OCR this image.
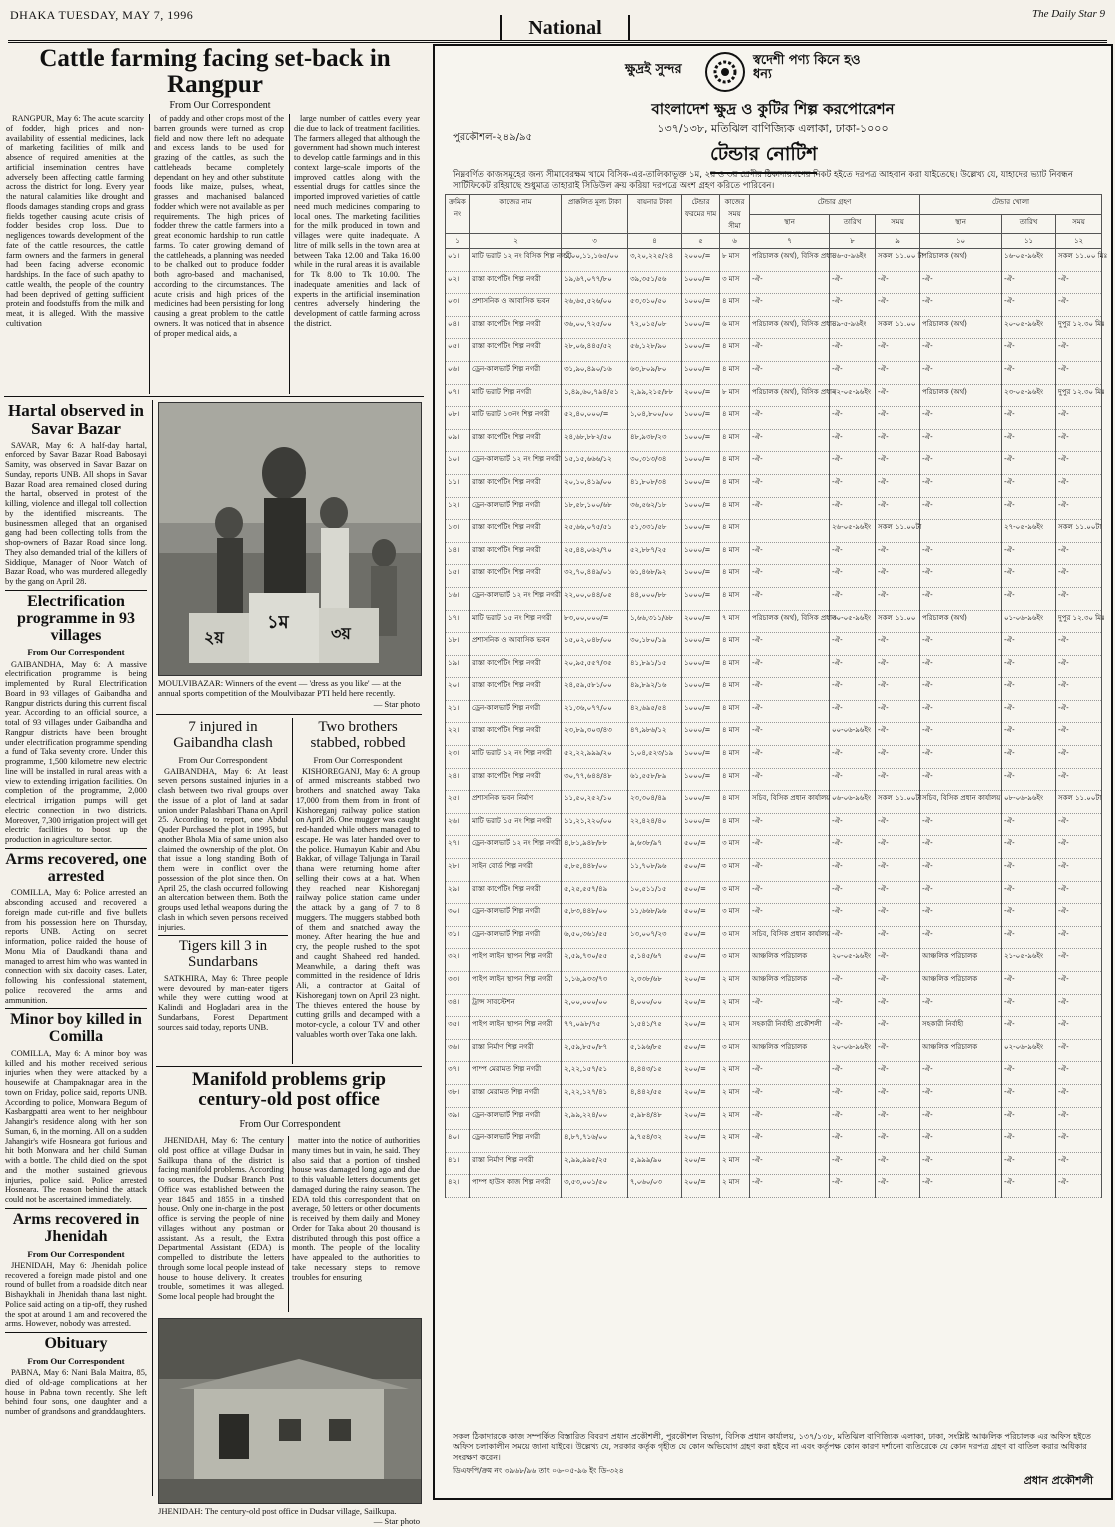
DHAKA TUESDAY, MAY 7, 1996
National
The Daily Star 9
Cattle farming facing set-back in Rangpur
From Our Correspondent

RANGPUR, May 6: The acute scarcity of fodder, high prices and non-availability of essential medicines, lack of marketing facilities of milk and absence of required amenities at the artificial insemination centres have adversely been affecting cattle farming across the district for long. Every year the natural calamities like drought and floods damages standing crops and grass fields together causing acute crisis of fodder besides crop loss. Due to negligences towards development of the fate of the cattle resources, the cattle farm owners and the farmers in general had been facing adverse economic hardships. In the face of such apathy to cattle wealth, the people of the country had been deprived of getting sufficient protein and foodstuffs from the milk and meat, it is alleged. With the massive cultivation

of paddy and other crops most of the barren grounds were turned as crop field and now there left no adequate and excess lands to be used for grazing of the cattles, as such the cattleheads became completely dependant on hey and other substitute foods like maize, pulses, wheat, grasses and machanised balanced fodder which were not available as per requirements. The high prices of fodder threw the cattle farmers into a great economic hardship to run cattle farms. To cater growing demand of the cattleheads, a planning was needed to be chalked out to produce fodder both agro-based and machanised, according to the circumstances. The acute crisis and high prices of the medicines had been persisting for long causing a great problem to the cattle owners. It was noticed that in absence of proper medical aids, a

large number of cattles every year die due to lack of treatment facilities. The farmers alleged that although the government had shown much interest to develop cattle farmings and in this context large-scale imports of the improved cattles along with the essential drugs for cattles since the imported improved varieties of cattle need much medicines comparing to local ones. The marketing facilities for the milk produced in town and villages were quite inadequate. A litre of milk sells in the town area at between Taka 12.00 and Taka 16.00 while in the rural areas it is available for Tk 8.00 to Tk 10.00. The inadequate amenities and lack of experts in the artificial insemination centres adversely hindering the development of cattle farming across the district.

Hartal observed in Savar Bazar

SAVAR, May 6: A half-day hartal, enforced by Savar Bazar Road Babosayi Samity, was observed in Savar Bazar on Sunday, reports UNB. All shops in Savar Bazar Road area remained closed during the hartal, observed in protest of the killing, violence and illegal toll collection by the identified miscreants. The businessmen alleged that an organised gang had been collecting tolls from the shop-owners of Bazar Road since long. They also demanded trial of the killers of Siddique, Manager of Noor Watch of Bazar Road, who was murdered allegedly by the gang on April 28.

Electrification programme in 93 villages
From Our Correspondent

GAIBANDHA, May 6: A massive electrification programme is being implemented by Rural Electrification Board in 93 villages of Gaibandha and Rangpur districts during this current fiscal year. According to an official source, a total of 93 villages under Gaibandha and Rangpur districts have been brought under electrification programme spending a fund of Taka seventy crore. Under this programme, 1,500 kilometre new electric line will be installed in rural areas with a view to extending irrigation facilities. On completion of the programme, 2,000 electrical irrigation pumps will get electric connection in two districts. Moreover, 7,300 irrigation project will get electric facilities to boost up the production in agriculture sector.

Arms recovered, one arrested

COMILLA, May 6: Police arrested an absconding accused and recovered a foreign made cut-rifle and five bullets from his possession here on Thursday, reports UNB. Acting on secret information, police raided the house of Monu Mia of Daudkandi thana and managed to arrest him who was wanted in connection with six dacoity cases. Later, following his confessional statement, police recovered the arms and ammunition.

Minor boy killed in Comilla

COMILLA, May 6: A minor boy was killed and his mother received serious injuries when they were attacked by a housewife at Champaknagar area in the town on Friday, police said, reports UNB. According to police, Monwara Begum of Kasbargpatti area went to her neighbour Jahangir's residence along with her son Suman, 6, in the morning. All on a sudden Jahangir's wife Hosneara got furious and hit both Monwara and her child Suman with a bottle. The child died on the spot and the mother sustained grievous injuries, police said. Police arrested Hosneara. The reason behind the attack could not be ascertained immediately.

Arms recovered in Jhenidah
From Our Correspondent

JHENIDAH, May 6: Jhenidah police recovered a foreign made pistol and one round of bullet from a roadside ditch near Bishaykhali in Jhenidah thana last night. Police said acting on a tip-off, they rushed the spot at around 1 am and recovered the arms. However, nobody was arrested.

Obituary
From Our Correspondent

PABNA, May 6: Nani Bala Maitra, 85, died of old-age complications at her house in Pabna town recently. She left behind four sons, one daughter and a number of grandsons and granddaughters.

২য়
১ম
৩য়
MOULVIBAZAR: Winners of the event — 'dress as you like' — at the annual sports competition of the Moulvibazar PTI held here recently.
— Star photo
7 injured in Gaibandha clash
From Our Correspondent

GAIBANDHA, May 6: At least seven persons sustained injuries in a clash between two rival groups over the issue of a plot of land at sadar union under Palashbari Thana on April 25. According to report, one Abdul Quder Purchased the plot in 1995, but another Bhola Mia of same union also claimed the ownership of the plot. On that issue a long standing Both of them were in conflict over the possession of the plot since then. On April 25, the clash occurred following an altercation between them. Both the groups used lethal weapons during the clash in which seven persons received injuries.

Tigers kill 3 in Sundarbans

SATKHIRA, May 6: Three people were devoured by man-eater tigers while they were cutting wood at Kalindi and Hogladari area in the Sundarbans, Forest Department sources said today, reports UNB.

Two brothers stabbed, robbed
From Our Correspondent

KISHOREGANJ, May 6: A group of armed miscreants stabbed two brothers and snatched away Taka 17,000 from them from in front of Kishoreganj railway police station on April 26. One mugger was caught red-handed while others managed to escape. He was later handed over to the police. Humayun Kabir and Abu Bakkar, of village Taljunga in Tarail thana were returning home after selling their cows at a hat. When they reached near Kishoreganj railway police station came under the attack by a gang of 7 to 8 muggers. The muggers stabbed both of them and snatched away the money. After hearing the hue and cry, the people rushed to the spot and caught Shaheed red handed. Meanwhile, a daring theft was committed in the residence of Idris Ali, a contractor at Gaital of Kishoreganj town on April 23 night. The thieves entered the house by cutting grills and decamped with a motor-cycle, a colour TV and other valuables worth over Taka one lakh.

Manifold problems grip century-old post office
From Our Correspondent

JHENIDAH, May 6: The century old post office at village Dudsar in Sailkupa thana of the district is facing manifold problems. According to sources, the Dudsar Branch Post Office was established between the year 1845 and 1855 in a tinshed house. Only one in-charge in the post office is serving the people of nine villages without any postman or assistant. As a result, the Extra Departmental Assistant (EDA) is compelled to distribute the letters through some local people instead of house to house delivery. It creates trouble, sometimes it was alleged. Some local people had brought the

matter into the notice of authorities many times but in vain, he said. They also said that a portion of tinshed house was damaged long ago and due to this valuable letters documents get damaged during the rainy season. The EDA told this correspondent that on average, 50 letters or other documents is received by them daily and Money Order for Taka about 20 thousand is distributed through this post office a month. The people of the locality have appealed to the authorities to take necessary steps to remove troubles for ensuring

JHENIDAH: The century-old post office in Dudsar village, Sailkupa.
— Star photo
ক্ষুদ্রই সুন্দর
স্বদেশী পণ্য কিনে হও ধন্য
বাংলাদেশ ক্ষুদ্র ও কুটির শিল্প করপোরেশন
১৩৭/১৩৮, মতিঝিল বাণিজ্যিক এলাকা, ঢাকা-১০০০
পুরকৌশল-২৪৯/৯৫
টেন্ডার নোটিশ
নিম্নবর্ণিত কাজসমূহের জন্য সীমাবেরক্ষম খামে বিসিক-এর-তালিকাভূক্ত ১ম, ২য় ও ৩য় শ্রেণীর ঠিকাদারগণের নিকট হইতে দরপত্র আহবান করা যাইতেছে। উল্লেখ্য যে, যাহাদের ভ্যাট নিবন্ধন সার্টিফিকেট রহিয়াছে শুধুমাত্র তাহারাই সিডিউল ক্রয় করিয়া দরপত্রে অংশ গ্রহণ করিতে পারিবেন।
ক্রমিক নং	কাজের নাম	প্রাক্কলিত মূল্য টাকা	বায়নার টাকা	টেন্ডার ফরমের দাম	কাজের সময় সীমা	টেন্ডার গ্রহণ			টেন্ডার খোলা		
						স্থান	তারিখ	সময়	স্থান	তারিখ	সময়
১	২	৩	৪	৫	৬	৭	৮	৯	১০	১১	১২
০১।	মাটি ভরাট ১২ নং বিসিক শিল্প নগরী	১,০০,১১,১৬৫/০০	৩,২০,২২৫/২৪	২০০০/=	৮ মাস	পরিচালক (অর্থ), বিসিক প্রধান	১৬-৫-৯৬ইং	সকল ১১.০০ টা	পরিচালক (অর্থ)	১৬-০৫-৯৬ইং	সকল ১১.০০ মিঃ
০২।	রাস্তা কার্পেটিং শিল্প নগরী	১৯,৬৭,০৭৭/৮০	৩৯,৩৫১/৫৬	১০০০/=	৩ মাস	-ঐ-	-ঐ-	-ঐ-	-ঐ-	-ঐ-	-ঐ-
০৩।	প্রশাসনিক ও আবাসিক ভবন	২৬,৬৫,৫২৬/০০	৫৩,৩১০/৫০	১০০০/=	৪ মাস	-ঐ-	-ঐ-	-ঐ-	-ঐ-	-ঐ-	-ঐ-
০৪।	রাস্তা কার্পেটিং শিল্প নগরী	৩৬,০০,৭২৫/০০	৭২,০১৫/০৮	১০০০/=	৬ মাস	পরিচালক (অর্থ), বিসিক প্রধান	১৯-৫-৯৬ইং	সকল ১১.০০	পরিচালক (অর্থ)	২০-০৫-৯৬ইং	দুপুর ১২.৩০ মিঃ
০৫।	রাস্তা কার্পেটিং শিল্প নগরী	২৮,০৬,৪৪৫/৫২	৫৬,১২৮/৯০	১০০০/=	৪ মাস	-ঐ-	-ঐ-	-ঐ-	-ঐ-	-ঐ-	-ঐ-
০৬।	ড্রেন-কালভার্ট শিল্প নগরী	৩১,৯০,৪৯০/১৬	৬৩,৮০৯/৮০	১০০০/=	৪ মাস	-ঐ-	-ঐ-	-ঐ-	-ঐ-	-ঐ-	-ঐ-
০৭।	মাটি ভরাট শিল্প নগরী	১,৪৯,৬০,৭৯৪/৫১	২,৯৯,২১৫/৮৮	২০০০/=	৮ মাস	পরিচালক (অর্থ), বিসিক প্রধান	২২-০৫-৯৬ইং	-ঐ-	পরিচালক (অর্থ)	২৩-০৫-৯৬ইং	দুপুর ১২.৩০ মিঃ
০৮।	মাটি ভরাট ১৩নং শিল্প নগরী	৫২,৪০,০০০/=	১,০৪,৮০০/০০	১০০০/=	৪ মাস	-ঐ-	-ঐ-	-ঐ-	-ঐ-	-ঐ-	-ঐ-
০৯।	রাস্তা কার্পেটিং শিল্প নগরী	২৪,৬৮,৮৮২/৫০	৪৮,৯৩৮/২৩	১০০০/=	৪ মাস	-ঐ-	-ঐ-	-ঐ-	-ঐ-	-ঐ-	-ঐ-
১০।	ড্রেন-কালভার্ট ১২ নং শিল্প নগরী	১৫,১৫,৬৬৬/১২	৩০,৩১৩/৩৪	১০০০/=	৪ মাস	-ঐ-	-ঐ-	-ঐ-	-ঐ-	-ঐ-	-ঐ-
১১।	রাস্তা কার্পেটিং শিল্প নগরী	২০,১০,৪১৯/০০	৪১,৮০৮/৩৪	১০০০/=	৪ মাস	-ঐ-	-ঐ-	-ঐ-	-ঐ-	-ঐ-	-ঐ-
১২।	ড্রেন-কালভার্ট শিল্প নগরী	১৮,৫৮,১০০/৬৮	৩৬,৫৬২/১৮	১০০০/=	৪ মাস	-ঐ-	-ঐ-	-ঐ-	-ঐ-	-ঐ-	-ঐ-
১৩।	রাস্তা কার্পেটিং শিল্প নগরী	২৫,৬৬,০৭৫/৫১	৫১,৩৩১/৫৮	১০০০/=	৪ মাস		২৬-০৫-৯৬ইং	সকল ১১.০০টা		২৭-০৫-৯৬ইং	সকল ১১.০০টা
১৪।	রাস্তা কার্পেটিং শিল্প নগরী	২৫,৪৪,০৬২/৭০	৫২,৮৮৭/২৫	১০০০/=	৪ মাস	-ঐ-	-ঐ-	-ঐ-	-ঐ-	-ঐ-	-ঐ-
১৫।	রাস্তা কার্পেটিং শিল্প নগরী	৩২,৭০,৪৪৯/০১	৬১,৪৬৮/৯২	১০০০/=	৪ মাস	-ঐ-	-ঐ-	-ঐ-	-ঐ-	-ঐ-	-ঐ-
১৬।	ড্রেন-কালভার্ট ১২ নং শিল্প নগরী	২২,০০,০৪৪/০৫	৪৪,০০০/৮৮	১০০০/=	৪ মাস	-ঐ-	-ঐ-	-ঐ-	-ঐ-	-ঐ-	-ঐ-
১৭।	মাটি ভরাট ১৫ নং শিল্প নগরী	৮৩,০০,০০০/=	১,৬৬,৩১১/৬৮	২০০০/=	৭ মাস	পরিচালক (অর্থ), বিসিক প্রধান	৩০-০৫-৯৬ইং	সকল ১১.০০	পরিচালক (অর্থ)	০১-০৬-৯৬ইং	দুপুর ১২.৩০ মিঃ
১৮।	প্রশাসনিক ও আবাসিক ভবন	১৫,০২,০৪৮/০০	৩০,১৮০/১৯	১০০০/=	৪ মাস	-ঐ-	-ঐ-	-ঐ-	-ঐ-	-ঐ-	-ঐ-
১৯।	রাস্তা কার্পেটিং শিল্প নগরী	২০,৯৫,৫৫৭/৩৫	৪১,৮৯১/১৫	১০০০/=	৪ মাস	-ঐ-	-ঐ-	-ঐ-	-ঐ-	-ঐ-	-ঐ-
২০।	রাস্তা কার্পেটিং শিল্প নগরী	২৪,৫৯,৫৮১/০০	৪৯,৮৯২/১৬	১০০০/=	৪ মাস	-ঐ-	-ঐ-	-ঐ-	-ঐ-	-ঐ-	-ঐ-
২১।	ড্রেন-কালভার্ট শিল্প নগরী	২১,৩৬,০৭৭/০০	৪২,৬৯৫/৫৪	১০০০/=	৪ মাস	-ঐ-	-ঐ-	-ঐ-	-ঐ-	-ঐ-	-ঐ-
২২।	রাস্তা কার্পেটিং শিল্প নগরী	২৩,৮৯,৩০৩/৪৩	৪৭,৯৮৬/১২	১০০০/=	৪ মাস	-ঐ-	০০-০৬-৯৬ইং	-ঐ-	-ঐ-	-ঐ-	-ঐ-
২৩।	মাটি ভরাট ১২ নং শিল্প নগরী	৫২,২২,৯৯৯/২০	১,০৪,৫২৩/১৯	১০০০/=	৪ মাস	-ঐ-	-ঐ-	-ঐ-	-ঐ-	-ঐ-	-ঐ-
২৪।	রাস্তা কার্পেটিং শিল্প নগরী	৩০,৭৭,৬৪৪/৪৮	৬১,৫৫৮/৮৯	১০০০/=	৪ মাস	-ঐ-	-ঐ-	-ঐ-	-ঐ-	-ঐ-	-ঐ-
২৫।	প্রশাসনিক ভবন নির্মাণ	১১,৫০,২৫২/১০	২৩,৩০৪/৪৯	১০০০/=	৪ মাস	সচিব, বিসিক প্রধান কার্যালয়	০৬-০৬-৯৬ইং	সকল ১১.০০টা	সচিব, বিসিক প্রধান কার্যালয়	০৮-০৬-৯৬ইং	সকল ১১.০০টা
২৬।	মাটি ভরাট ১৫ নং শিল্প নগরী	১১,২১,২২০/০০	২২,৪২৪/৪০	১০০০/=	৪ মাস	-ঐ-	-ঐ-	-ঐ-	-ঐ-	-ঐ-	-ঐ-
২৭।	ড্রেন-কালভার্ট ১২ নং শিল্প নগরী	৪,৮১,৯৪৮/৮৮	৯,৬৩৮/৯৭	৫০০/=	৩ মাস	-ঐ-	-ঐ-	-ঐ-	-ঐ-	-ঐ-	-ঐ-
২৮।	সাইন বোর্ড শিল্প নগরী	৫,৮৫,৪৪৮/০০	১১,৭০৮/৯৬	৫০০/=	৩ মাস	-ঐ-	-ঐ-	-ঐ-	-ঐ-	-ঐ-	-ঐ-
২৯।	রাস্তা কার্পেটিং শিল্প নগরী	৫,২৫,৫৫৭/৪৯	১০,৫১১/১৫	৫০০/=	৩ মাস	-ঐ-	-ঐ-	-ঐ-	-ঐ-	-ঐ-	-ঐ-
৩০।	ড্রেন-কালভার্ট শিল্প নগরী	৫,৮৩,৪৪৮/০০	১১,৬৬৮/৯৬	৫০০/=	৩ মাস	-ঐ-	-ঐ-	-ঐ-	-ঐ-	-ঐ-	-ঐ-
৩১।	ড্রেন-কালভার্ট শিল্প নগরী	৬,৫০,৩৬১/৫৫	১৩,০০৭/২৩	৫০০/=	৩ মাস	সচিব, বিসিক প্রধান কার্যালয়	-ঐ-	-ঐ-	-ঐ-	-ঐ-	-ঐ-
৩২।	পাইপ লাইন স্থাপন শিল্প নগরী	২,৫৯,৭৩০/৫৫	৫,১৪৫/৬৭	৫০০/=	৩ মাস	আঞ্চলিক পরিচালক	২০-০৫-৯৬ইং	-ঐ-	আঞ্চলিক পরিচালক	২১-০৫-৯৬ইং	-ঐ-
৩৩।	পাইপ লাইন স্থাপন শিল্প নগরী	১,১৬,৯৩৩/৭৩	২,৩৩৮/৬৮	২০০/=	২ মাস	আঞ্চলিক পরিচালক	-ঐ-	-ঐ-	আঞ্চলিক পরিচালক	-ঐ-	-ঐ-
৩৪।	ট্রান্স সাবস্টেশন	২,০০,০০০/০০	৪,০০০/০০	২০০/=	২ মাস	-ঐ-	-ঐ-	-ঐ-	-ঐ-	-ঐ-	-ঐ-
৩৫।	পাইপ লাইন স্থাপন শিল্প নগরী	৭৭,০৯৮/৭৫	১,৫৪১/৭৫	২০০/=	২ মাস	সহকারী নির্বাহী প্রকৌশলী	-ঐ-	-ঐ-	সহকারী নির্বাহী	-ঐ-	-ঐ-
৩৬।	রাস্তা নির্মাণ শিল্প নগরী	২,৫৯,৮৫০/৮৭	৫,১৯৬/৮৫	৫০০/=	৩ মাস	আঞ্চলিক পরিচালক	২০-০৬-৯৬ইং	-ঐ-	আঞ্চলিক পরিচালক	০২-০৬-৯৬ইং	-ঐ-
৩৭।	পাম্প মেরামত শিল্প নগরী	২,২২,১৫৭/৫১	৪,৪৪৩/১৫	২০০/=	২ মাস	-ঐ-	-ঐ-	-ঐ-	-ঐ-	-ঐ-	-ঐ-
৩৮।	রাস্তা মেরামত শিল্প নগরী	২,২২,১২৭/৪১	৪,৪৪২/৫৫	২০০/=	২ মাস	-ঐ-	-ঐ-	-ঐ-	-ঐ-	-ঐ-	-ঐ-
৩৯।	ড্রেন-কালভার্ট শিল্প নগরী	২,৯৯,২২৪/০০	৫,৯৮৪/৪৮	২০০/=	২ মাস	-ঐ-	-ঐ-	-ঐ-	-ঐ-	-ঐ-	-ঐ-
৪০।	ড্রেন-কালভার্ট শিল্প নগরী	৪,৮৭,৭১৬/০০	৯,৭৫৪/৩২	২০০/=	২ মাস	-ঐ-	-ঐ-	-ঐ-	-ঐ-	-ঐ-	-ঐ-
৪১।	রাস্তা নির্মাণ শিল্প নগরী	২,৯৯,৯৯৫/২৫	৫,৯৯৯/৯০	২০০/=	২ মাস	-ঐ-	-ঐ-	-ঐ-	-ঐ-	-ঐ-	-ঐ-
৪২।	পাম্প হাউস কাজ শিল্প নগরী	৩,৫৩,০০১/৫০	৭,০৬০/০৩	২০০/=	২ মাস	-ঐ-	-ঐ-	-ঐ-	-ঐ-	-ঐ-	-ঐ-
সকল ঠিকাদারকে কাজ সম্পর্কিত বিস্তারিত বিবরণ প্রধান প্রকৌশলী, পুরকৌশল বিভাগ, বিসিক প্রধান কার্যালয়, ১৩৭/১৩৮, মতিঝিল বাণিজ্যিক এলাকা, ঢাকা, সংশ্লিষ্ট আঞ্চলিক পরিচালক এর অফিস হইতে অফিস চলাকালীন সময়ে জানা যাইবে। উল্লেখ্য যে, সরকার কর্তৃক গৃহীত যে কোন অভিযোগ গ্রহণ করা হইবে না এবং কর্তৃপক্ষ কোন কারণ দর্শানো ব্যতিরেকে যে কোন দরপত্র গ্রহণ বা বাতিল করার অধিকার সংরক্ষণ করেন।
ডিএফপি/ক্রম নং ৩৯৬৮/৯৬ তাং ০৬-০৫-৯৬ ইং ডি-৩২৪
প্রধান প্রকৌশলী
